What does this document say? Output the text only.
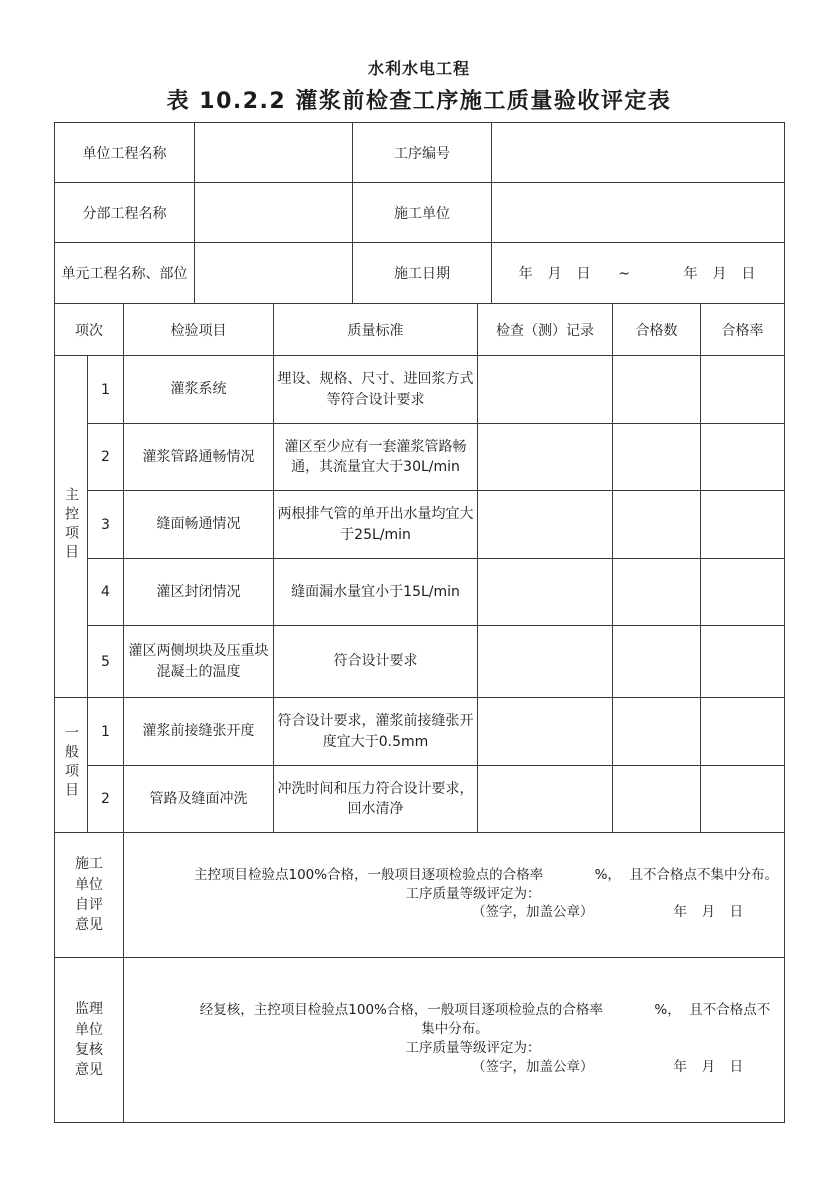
水利水电工程
表 10.2.2 灌浆前检查工序施工质量验收评定表
单位工程名称					工序编号				
分部工程名称					施工单位				
单元工程名称、部位					施工日期		年  月  日    ~        年  月  日		
项次		检验项目		质量标准		检查（测）记录		合格数	合格率
主控项目	1	灌浆系统		埋设、规格、尺寸、进回浆方式等符合设计要求					
	2	灌浆管路通畅情况		灌区至少应有一套灌浆管路畅通，其流量宜大于30L/min					
	3	缝面畅通情况		两根排气管的单开出水量均宜大于25L/min					
	4	灌区封闭情况		缝面漏水量宜小于15L/min					
	5	灌区两侧坝块及压重块混凝土的温度		符合设计要求					
一般项目	1	灌浆前接缝张开度		符合设计要求，灌浆前接缝张开度宜大于0.5mm					
	2	管路及缝面冲洗		冲洗时间和压力符合设计要求，回水清净					
施工单位自评意见		主控项目检验点100%合格，一般项目逐项检验点的合格率            %，  且不合格点不集中分布。
工序质量等级评定为：
（签字，加盖公章） 年  月  日							

监理单位复核意见		经复核，主控项目检验点100%合格，一般项目逐项检验点的合格率            %，  且不合格点不
集中分布。
工序质量等级评定为：
（签字，加盖公章） 年  月  日							
